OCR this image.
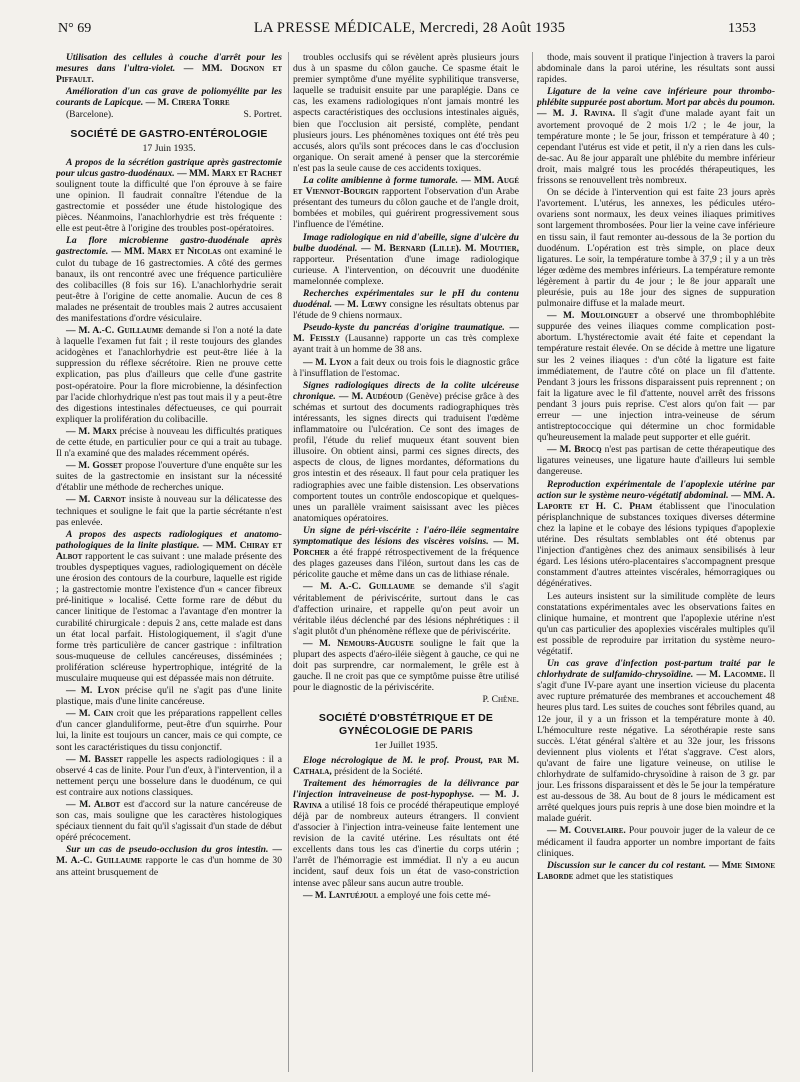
N° 69	LA PRESSE MÉDICALE, Mercredi, 28 Août 1935	1353

Utilisation des cellules à couche d'arrêt pour les mesures dans l'ultra-violet. — MM. Dognon et Piffault.

Amélioration d'un cas grave de poliomyélite par les courants de Lapicque. — M. Cirera Torre

(Barcelone).	S. Portret.
SOCIÉTÉ DE GASTRO-ENTÉROLOGIE
17 Juin 1935.

A propos de la sécrétion gastrique après gastrectomie pour ulcus gastro-duodénaux. — MM. Marx et Rachet soulignent toute la difficulté que l'on éprouve à se faire une opinion. Il faudrait connaître l'étendue de la gastrectomie et posséder une étude histologique des pièces. Néanmoins, l'anachlorhydrie est très fréquente : elle est peut-être à l'origine des troubles post-opératoires.

La flore microbienne gastro-duodénale après gastrectomie. — MM. Marx et Nicolas ont examiné le culot du tubage de 16 gastrectomies. A côté des germes banaux, ils ont rencontré avec une fréquence particulière des colibacilles (8 fois sur 16). L'anachlorhydrie serait peut-être à l'origine de cette anomalie. Aucun de ces 8 malades ne présentait de troubles mais 2 autres accusaient des manifestations d'ordre vésiculaire.

— M. A.-C. Guillaume demande si l'on a noté la date à laquelle l'examen fut fait ; il reste toujours des glandes acidogènes et l'anachlorhydrie est peut-être liée à la suppression du réflexe sécrétoire. Rien ne prouve cette explication, pas plus d'ailleurs que celle d'une gastrite post-opératoire. Pour la flore microbienne, la désinfection par l'acide chlorhydrique n'est pas tout mais il y a peut-être des digestions intestinales défectueuses, ce qui pourrait expliquer la prolifération du colibacille.

— M. Marx précise à nouveau les difficultés pratiques de cette étude, en particulier pour ce qui a trait au tubage. Il n'a examiné que des malades récemment opérés.

— M. Gosset propose l'ouverture d'une enquête sur les suites de la gastrectomie en insistant sur la nécessité d'établir une méthode de recherches unique.

— M. Carnot insiste à nouveau sur la délicatesse des techniques et souligne le fait que la partie sécrétante n'est pas enlevée.

A propos des aspects radiologiques et anatomo-pathologiques de la linite plastique. — MM. Chiray et Albot rapportent le cas suivant : une malade présente des troubles dyspeptiques vagues, radiologiquement on décèle une érosion des contours de la courbure, laquelle est rigide ; la gastrectomie montre l'existence d'un « cancer fibreux pré-linitique » localisé. Cette forme rare de début du cancer linitique de l'estomac a l'avantage d'en montrer la curabilité chirurgicale : depuis 2 ans, cette malade est dans un état local parfait. Histologiquement, il s'agit d'une forme très particulière de cancer gastrique : infiltration sous-muqueuse de cellules cancéreuses, disséminées ; prolifération scléreuse hypertrophique, intégrité de la musculaire muqueuse qui est dépassée mais non détruite.

— M. Lyon précise qu'il ne s'agit pas d'une linite plastique, mais d'une linite cancéreuse.

— M. Cain croit que les préparations rappellent celles d'un cancer glanduliforme, peut-être d'un squirrhe. Pour lui, la linite est toujours un cancer, mais ce qui compte, ce sont les caractéristiques du tissu conjonctif.

— M. Basset rappelle les aspects radiologiques : il a observé 4 cas de linite. Pour l'un d'eux, à l'intervention, il a nettement perçu une bosselure dans le duodénum, ce qui est contraire aux notions classiques.

— M. Albot est d'accord sur la nature cancéreuse de son cas, mais souligne que les caractères histologiques spéciaux tiennent du fait qu'il s'agissait d'un stade de début opéré précocement.

Sur un cas de pseudo-occlusion du gros intestin. — M. A.-C. Guillaume rapporte le cas d'un homme de 30 ans atteint brusquement de

troubles occlusifs qui se révèlent après plusieurs jours dus à un spasme du côlon gauche. Ce spasme était le premier symptôme d'une myélite syphilitique transverse, laquelle se traduisit ensuite par une paraplégie. Dans ce cas, les examens radiologiques n'ont jamais montré les aspects caractéristiques des occlusions intestinales aiguës, bien que l'occlusion ait persisté, complète, pendant plusieurs jours. Les phénomènes toxiques ont été très peu accusés, alors qu'ils sont précoces dans le cas d'occlusion organique. On serait amené à penser que la stercorémie n'est pas la seule cause de ces accidents toxiques.

La colite amibienne à forme tumorale. — MM. Augé et Viennot-Bourgin rapportent l'observation d'un Arabe présentant des tumeurs du côlon gauche et de l'angle droit, bombées et mobiles, qui guérirent progressivement sous l'influence de l'émétine.

Image radiologique en nid d'abeille, signe d'ulcère du bulbe duodénal. — M. Bernard (Lille). M. Moutier, rapporteur. Présentation d'une image radiologique curieuse. A l'intervention, on découvrit une duodénite mamelonnée complexe.

Recherches expérimentales sur le pH du contenu duodénal. — M. Lœwy consigne les résultats obtenus par l'étude de 9 chiens normaux.

Pseudo-kyste du pancréas d'origine traumatique. — M. Feissly (Lausanne) rapporte un cas très complexe ayant trait à un homme de 38 ans.

— M. Lyon a fait deux ou trois fois le diagnostic grâce à l'insufflation de l'estomac.

Signes radiologiques directs de la colite ulcéreuse chronique. — M. Audéoud (Genève) précise grâce à des schémas et surtout des documents radiographiques très intéressants, les signes directs qui traduisent l'œdème inflammatoire ou l'ulcération. Ce sont des images de profil, l'étude du relief muqueux étant souvent bien illusoire. On obtient ainsi, parmi ces signes directs, des aspects de clous, de lignes mordantes, déformations du gros intestin et des réseaux. Il faut pour cela pratiquer les radiographies avec une faible distension. Les observations comportent toutes un contrôle endoscopique et quelques-unes un parallèle vraiment saisissant avec les pièces anatomiques opératoires.

Un signe de péri-viscérite : l'aéro-iléie segmentaire symptomatique des lésions des viscères voisins. — M. Porcher a été frappé rétrospectivement de la fréquence des plages gazeuses dans l'iléon, surtout dans les cas de péricolite gauche et même dans un cas de lithiase rénale.

— M. A.-C. Guillaume se demande s'il s'agit véritablement de périviscérite, surtout dans le cas d'affection urinaire, et rappelle qu'on peut avoir un véritable iléus déclenché par des lésions néphrétiques : il s'agit plutôt d'un phénomène réflexe que de périviscérite.

— M. Nemours-Auguste souligne le fait que la plupart des aspects d'aéro-iléie siègent à gauche, ce qui ne doit pas surprendre, car normalement, le grêle est à gauche. Il ne croit pas que ce symptôme puisse être utilisé pour le diagnostic de la périviscérite.

P. Chêne.
SOCIÉTÉ D'OBSTÉTRIQUE ET DE GYNÉCOLOGIE DE PARIS
1er Juillet 1935.

Eloge nécrologique de M. le prof. Proust, par M. Cathala, président de la Société.

Traitement des hémorragies de la délivrance par l'injection intraveineuse de post-hypophyse. — M. J. Ravina a utilisé 18 fois ce procédé thérapeutique employé déjà par de nombreux auteurs étrangers. Il convient d'associer à l'injection intra-veineuse faite lentement une revision de la cavité utérine. Les résultats ont été excellents dans tous les cas d'inertie du corps utérin ; l'arrêt de l'hémorragie est immédiat. Il n'y a eu aucun incident, sauf deux fois un état de vaso-constriction intense avec pâleur sans aucun autre trouble.

— M. Lantuéjoul a employé une fois cette mé-

thode, mais souvent il pratique l'injection à travers la paroi abdominale dans la paroi utérine, les résultats sont aussi rapides.

Ligature de la veine cave inférieure pour thrombo-phlébite suppurée post abortum. Mort par abcès du poumon. — M. J. Ravina. Il s'agit d'une malade ayant fait un avortement provoqué de 2 mois 1/2 ; le 4e jour, la température monte ; le 5e jour, frisson et température à 40 ; cependant l'utérus est vide et petit, il n'y a rien dans les culs-de-sac. Au 8e jour apparaît une phlébite du membre inférieur droit, mais malgré tous les procédés thérapeutiques, les frissons se renouvellent très nombreux.

On se décide à l'intervention qui est faite 23 jours après l'avortement. L'utérus, les annexes, les pédicules utéro-ovariens sont normaux, les deux veines iliaques primitives sont largement thrombosées. Pour lier la veine cave inférieure en tissu sain, il faut remonter au-dessous de la 3e portion du duodénum. L'opération est très simple, on place deux ligatures. Le soir, la température tombe à 37,9 ; il y a un très léger œdème des membres inférieurs. La température remonte légèrement à partir du 4e jour ; le 8e jour apparaît une pleurésie, puis au 18e jour des signes de suppuration pulmonaire diffuse et la malade meurt.

— M. Mouloinguet a observé une thrombophlébite suppurée des veines iliaques comme complication post-abortum. L'hystérectomie avait été faite et cependant la température restait élevée. On se décide à mettre une ligature sur les 2 veines iliaques : d'un côté la ligature est faite immédiatement, de l'autre côté on place un fil d'attente. Pendant 3 jours les frissons disparaissent puis reprennent ; on fait la ligature avec le fil d'attente, nouvel arrêt des frissons pendant 3 jours puis reprise. C'est alors qu'on fait — par erreur — une injection intra-veineuse de sérum antistreptococcique qui détermine un choc formidable qu'heureusement la malade peut supporter et elle guérit.

— M. Brocq n'est pas partisan de cette thérapeutique des ligatures veineuses, une ligature haute d'ailleurs lui semble dangereuse.

Reproduction expérimentale de l'apoplexie utérine par action sur le système neuro-végétatif abdominal. — MM. A. Laporte et H. C. Pham établissent que l'inoculation périsplanchnique de substances toxiques diverses détermine chez la lapine et le cobaye des lésions typiques d'apoplexie utérine. Des résultats semblables ont été obtenus par l'injection d'antigènes chez des animaux sensibilisés à leur égard. Les lésions utéro-placentaires s'accompagnent presque constamment d'autres atteintes viscérales, hémorragiques ou dégénératives.

Les auteurs insistent sur la similitude complète de leurs constatations expérimentales avec les observations faites en clinique humaine, et montrent que l'apoplexie utérine n'est qu'un cas particulier des apoplexies viscérales multiples qu'il est possible de reproduire par irritation du système neuro-végétatif.

Un cas grave d'infection post-partum traité par le chlorhydrate de sulfamido-chrysoïdine. — M. Lacomme. Il s'agit d'une IV-pare ayant une insertion vicieuse du placenta avec rupture prématurée des membranes et accouchement 48 heures plus tard. Les suites de couches sont fébriles quand, au 12e jour, il y a un frisson et la température monte à 40. L'hémoculture reste négative. La sérothérapie reste sans succès. L'état général s'altère et au 32e jour, les frissons deviennent plus violents et l'état s'aggrave. C'est alors, qu'avant de faire une ligature veineuse, on utilise le chlorhydrate de sulfamido-chrysoïdine à raison de 3 gr. par jour. Les frissons disparaissent et dès le 5e jour la température est au-dessous de 38. Au bout de 8 jours le médicament est arrêté quelques jours puis repris à une dose bien moindre et la malade guérit.

— M. Couvelaire. Pour pouvoir juger de la valeur de ce médicament il faudra apporter un nombre important de faits cliniques.

Discussion sur le cancer du col restant. — Mme Simone Laborde admet que les statistiques
